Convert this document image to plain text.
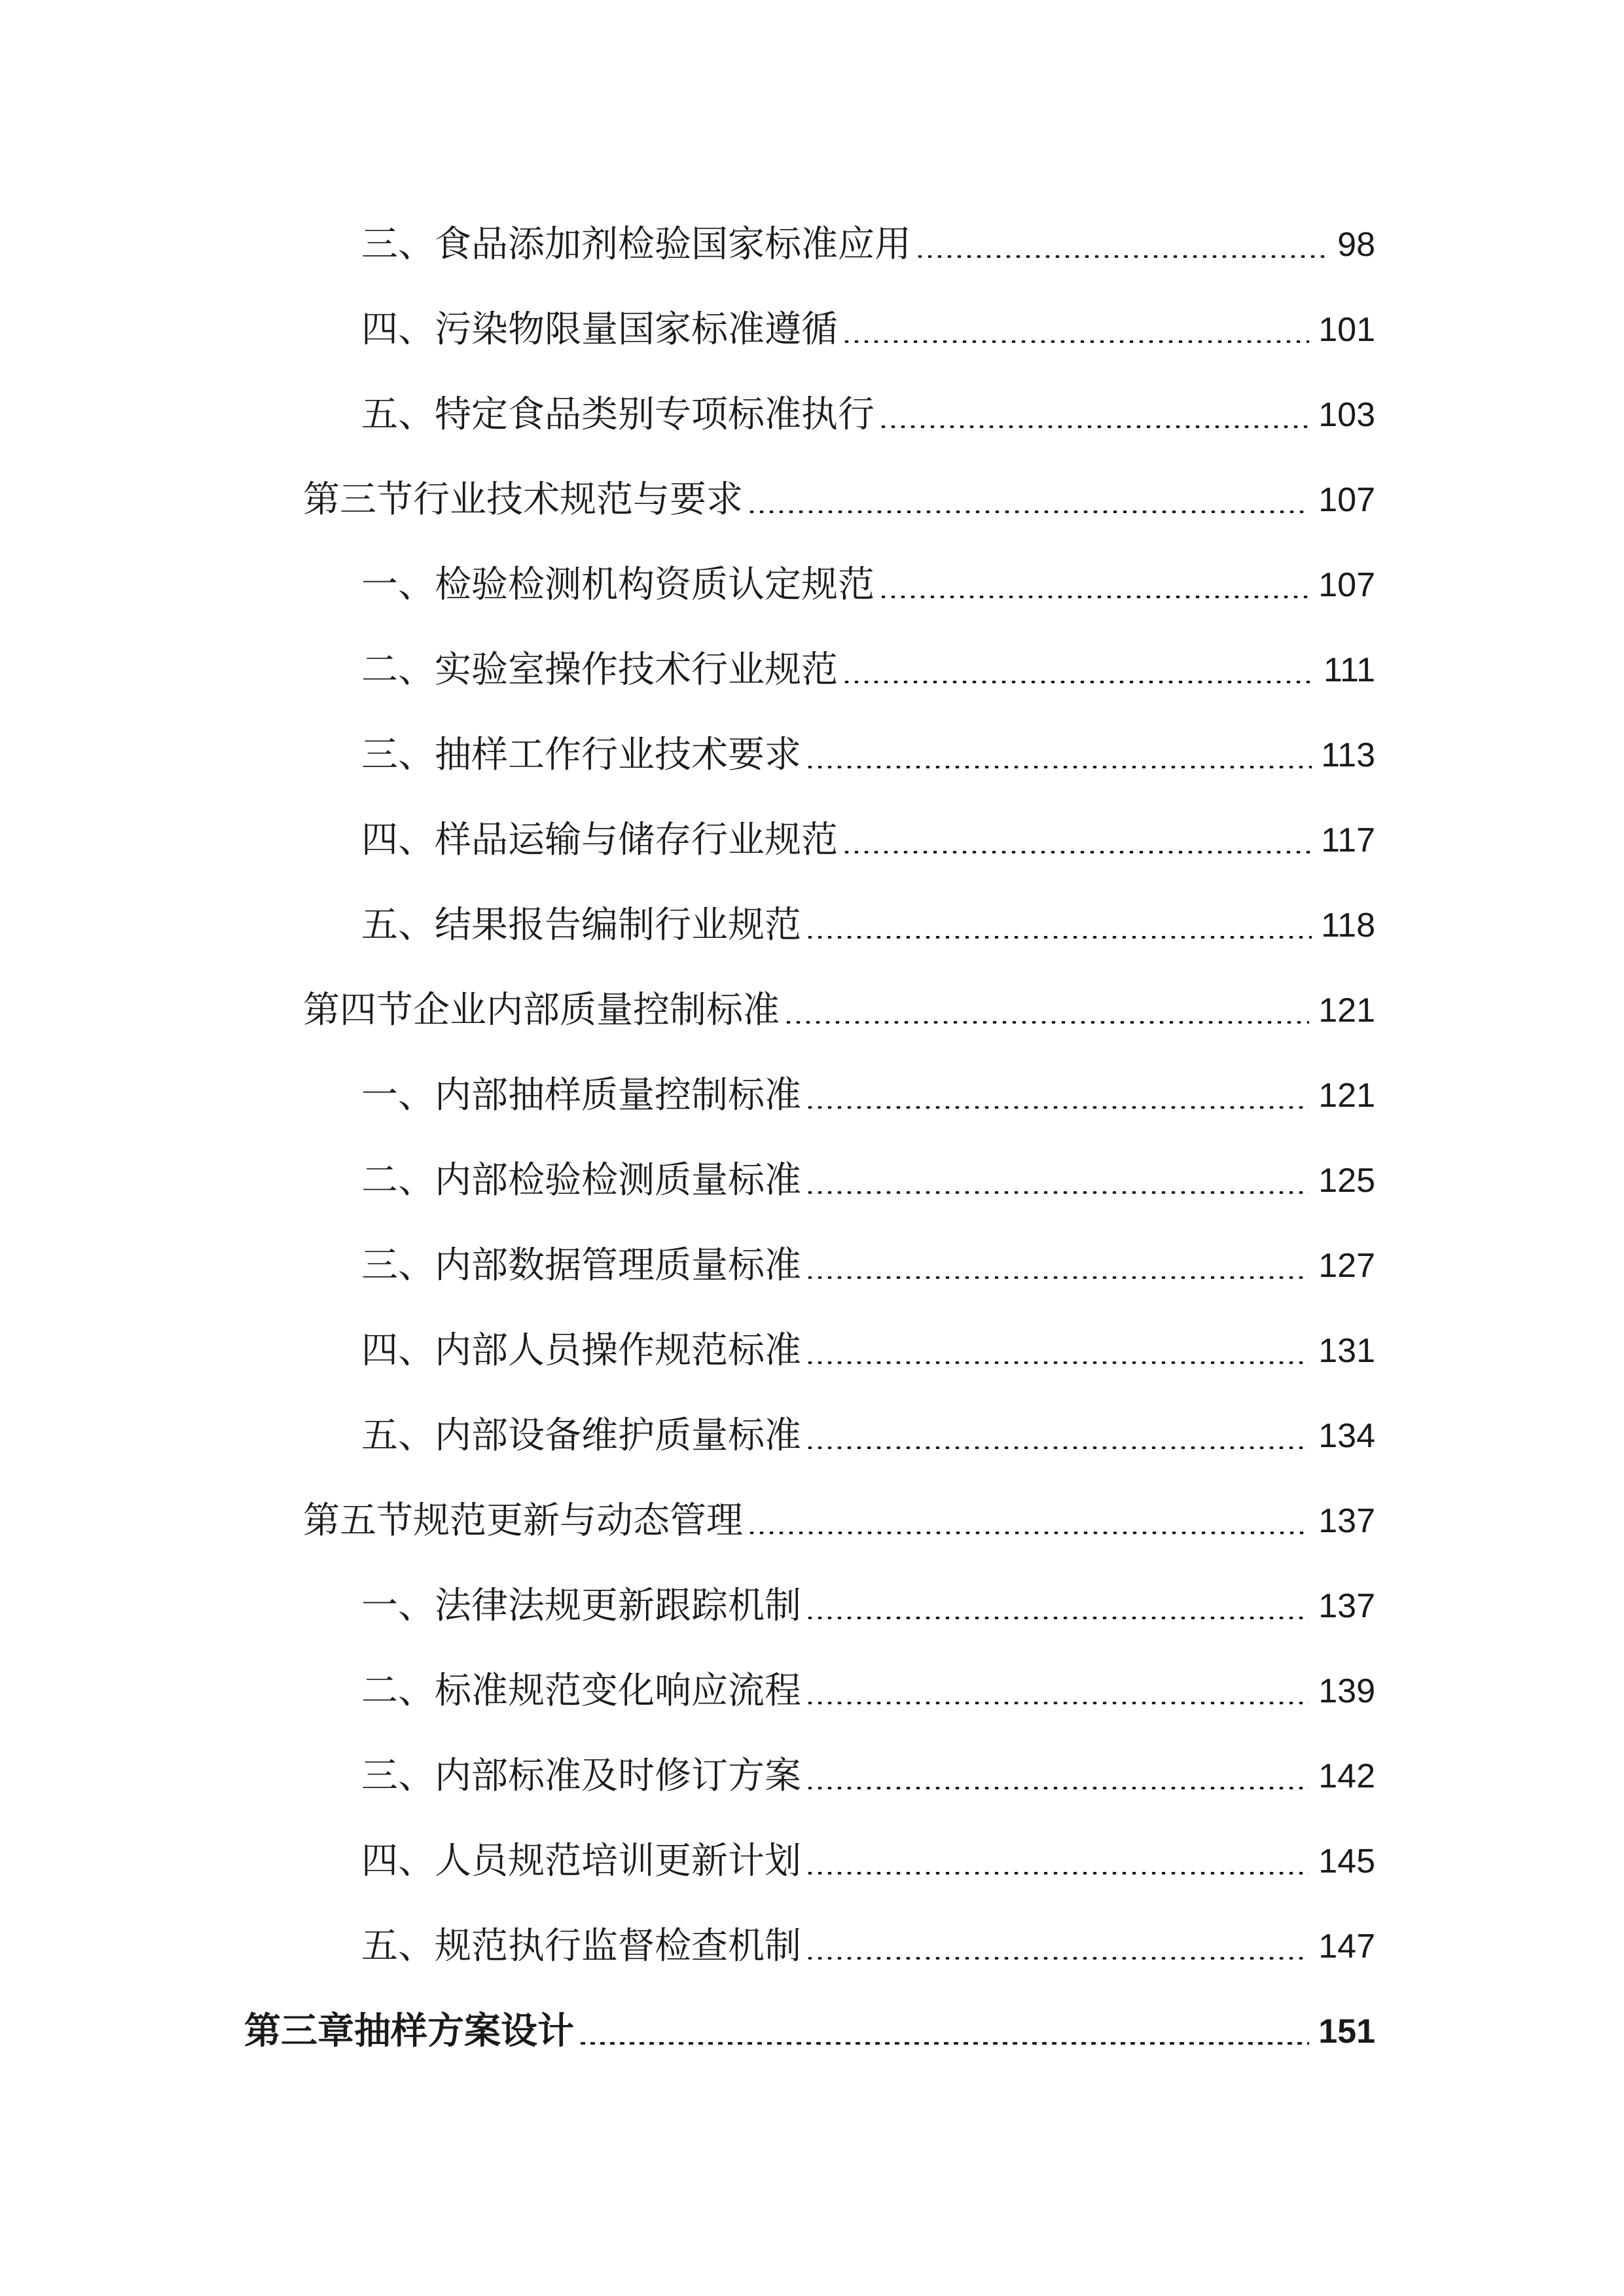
三、食品添加剂检验国家标准应用	98
四、污染物限量国家标准遵循	101
五、特定食品类别专项标准执行	103
第三节行业技术规范与要求	107
一、检验检测机构资质认定规范	107
二、实验室操作技术行业规范	111
三、抽样工作行业技术要求	113
四、样品运输与储存行业规范	117
五、结果报告编制行业规范	118
第四节企业内部质量控制标准	121
一、内部抽样质量控制标准	121
二、内部检验检测质量标准	125
三、内部数据管理质量标准	127
四、内部人员操作规范标准	131
五、内部设备维护质量标准	134
第五节规范更新与动态管理	137
一、法律法规更新跟踪机制	137
二、标准规范变化响应流程	139
三、内部标准及时修订方案	142
四、人员规范培训更新计划	145
五、规范执行监督检查机制	147
第三章抽样方案设计	151
